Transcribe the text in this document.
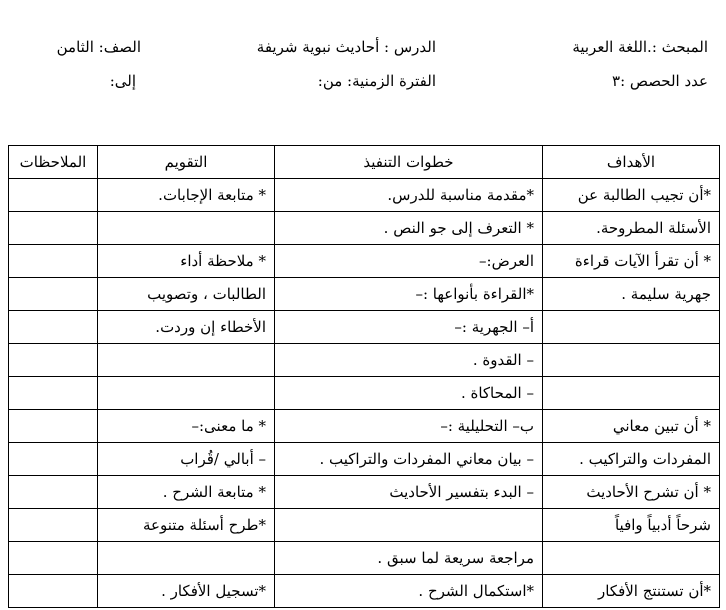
المبحث :.اللغة العربية
الدرس : أحاديث نبوية شريفة
الصف: الثامن
عدد الحصص :٣
الفترة الزمنية: من:
إلى:
الأهداف	خطوات التنفيذ	التقويم	الملاحظات
*أن تجيب الطالبة عن	*مقدمة مناسبة للدرس.	* متابعة الإجابات.	
الأسئلة المطروحة.	* التعرف إلى جو النص .		
* أن تقرأ الآيات قراءة	العرض:–	* ملاحظة أداء	
جهرية سليمة .	*القراءة بأنواعها :–	الطالبات ، وتصويب	
	أ– الجهرية :–	الأخطاء إن وردت.	
	– القدوة .		
	– المحاكاة .		
* أن تبين معاني	ب– التحليلية :–	* ما معنى:–	
المفردات والتراكيب .	– بيان معاني المفردات والتراكيب .	– أبالي /قُراب	
* أن تشرح الأحاديث	– البدء بتفسير الأحاديث	* متابعة الشرح .	
شرحاً أدبياً وافياً		*طرح أسئلة متنوعة	
	مراجعة سريعة لما سبق .		
*أن تستنتج الأفكار	*استكمال الشرح .	*تسجيل الأفكار .	
